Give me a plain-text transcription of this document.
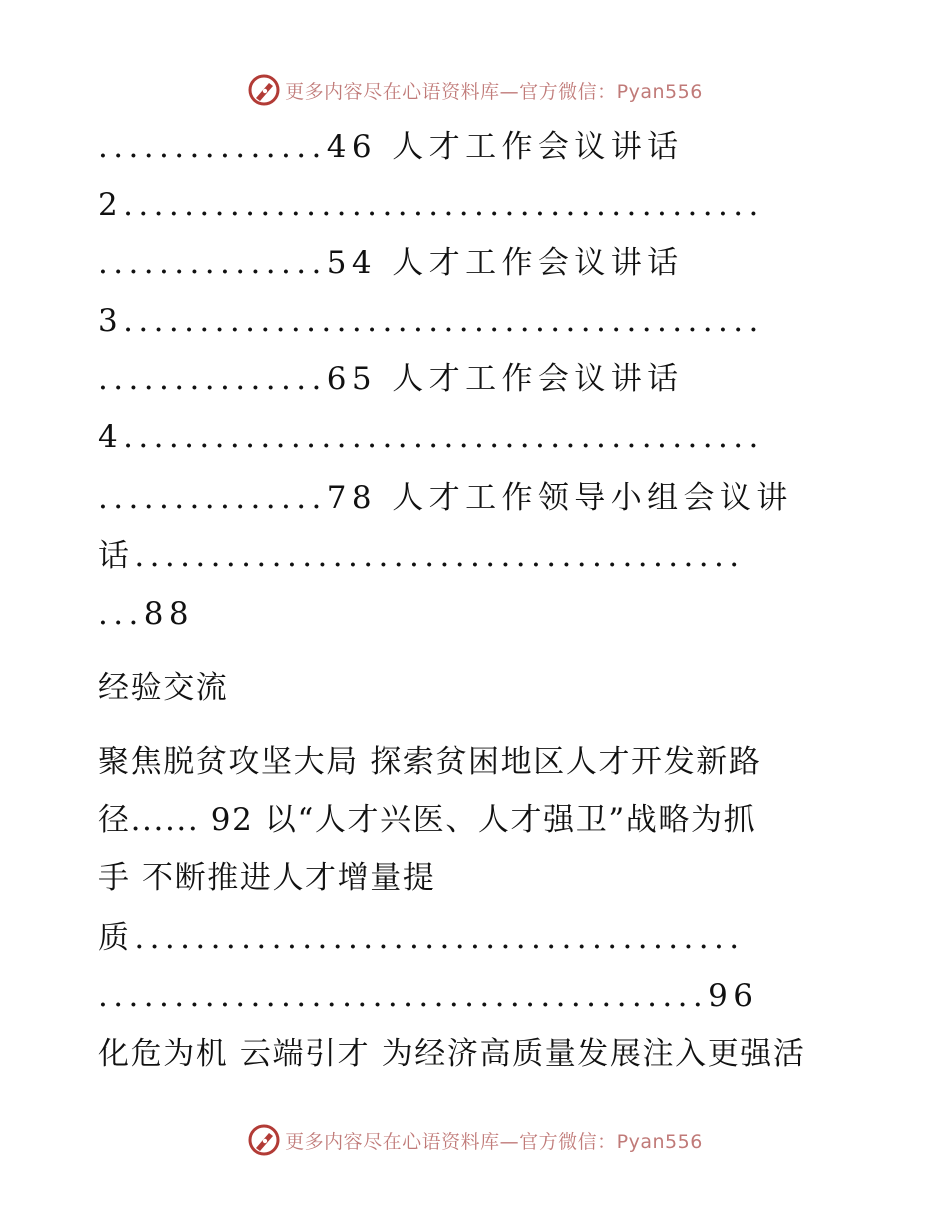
更多内容尽在心语资料库—官方微信：Pyan556
...............46 人才工作会议讲话
2..........................................
...............54 人才工作会议讲话
3..........................................
...............65 人才工作会议讲话
4..........................................
...............78 人才工作领导小组会议讲
话........................................
...88
经验交流
聚焦脱贫攻坚大局 探索贫困地区人才开发新路
径...... 92 以“人才兴医、人才强卫”战略为抓
手 不断推进人才增量提
质........................................
........................................96
化危为机 云端引才 为经济高质量发展注入更强活
更多内容尽在心语资料库—官方微信：Pyan556
